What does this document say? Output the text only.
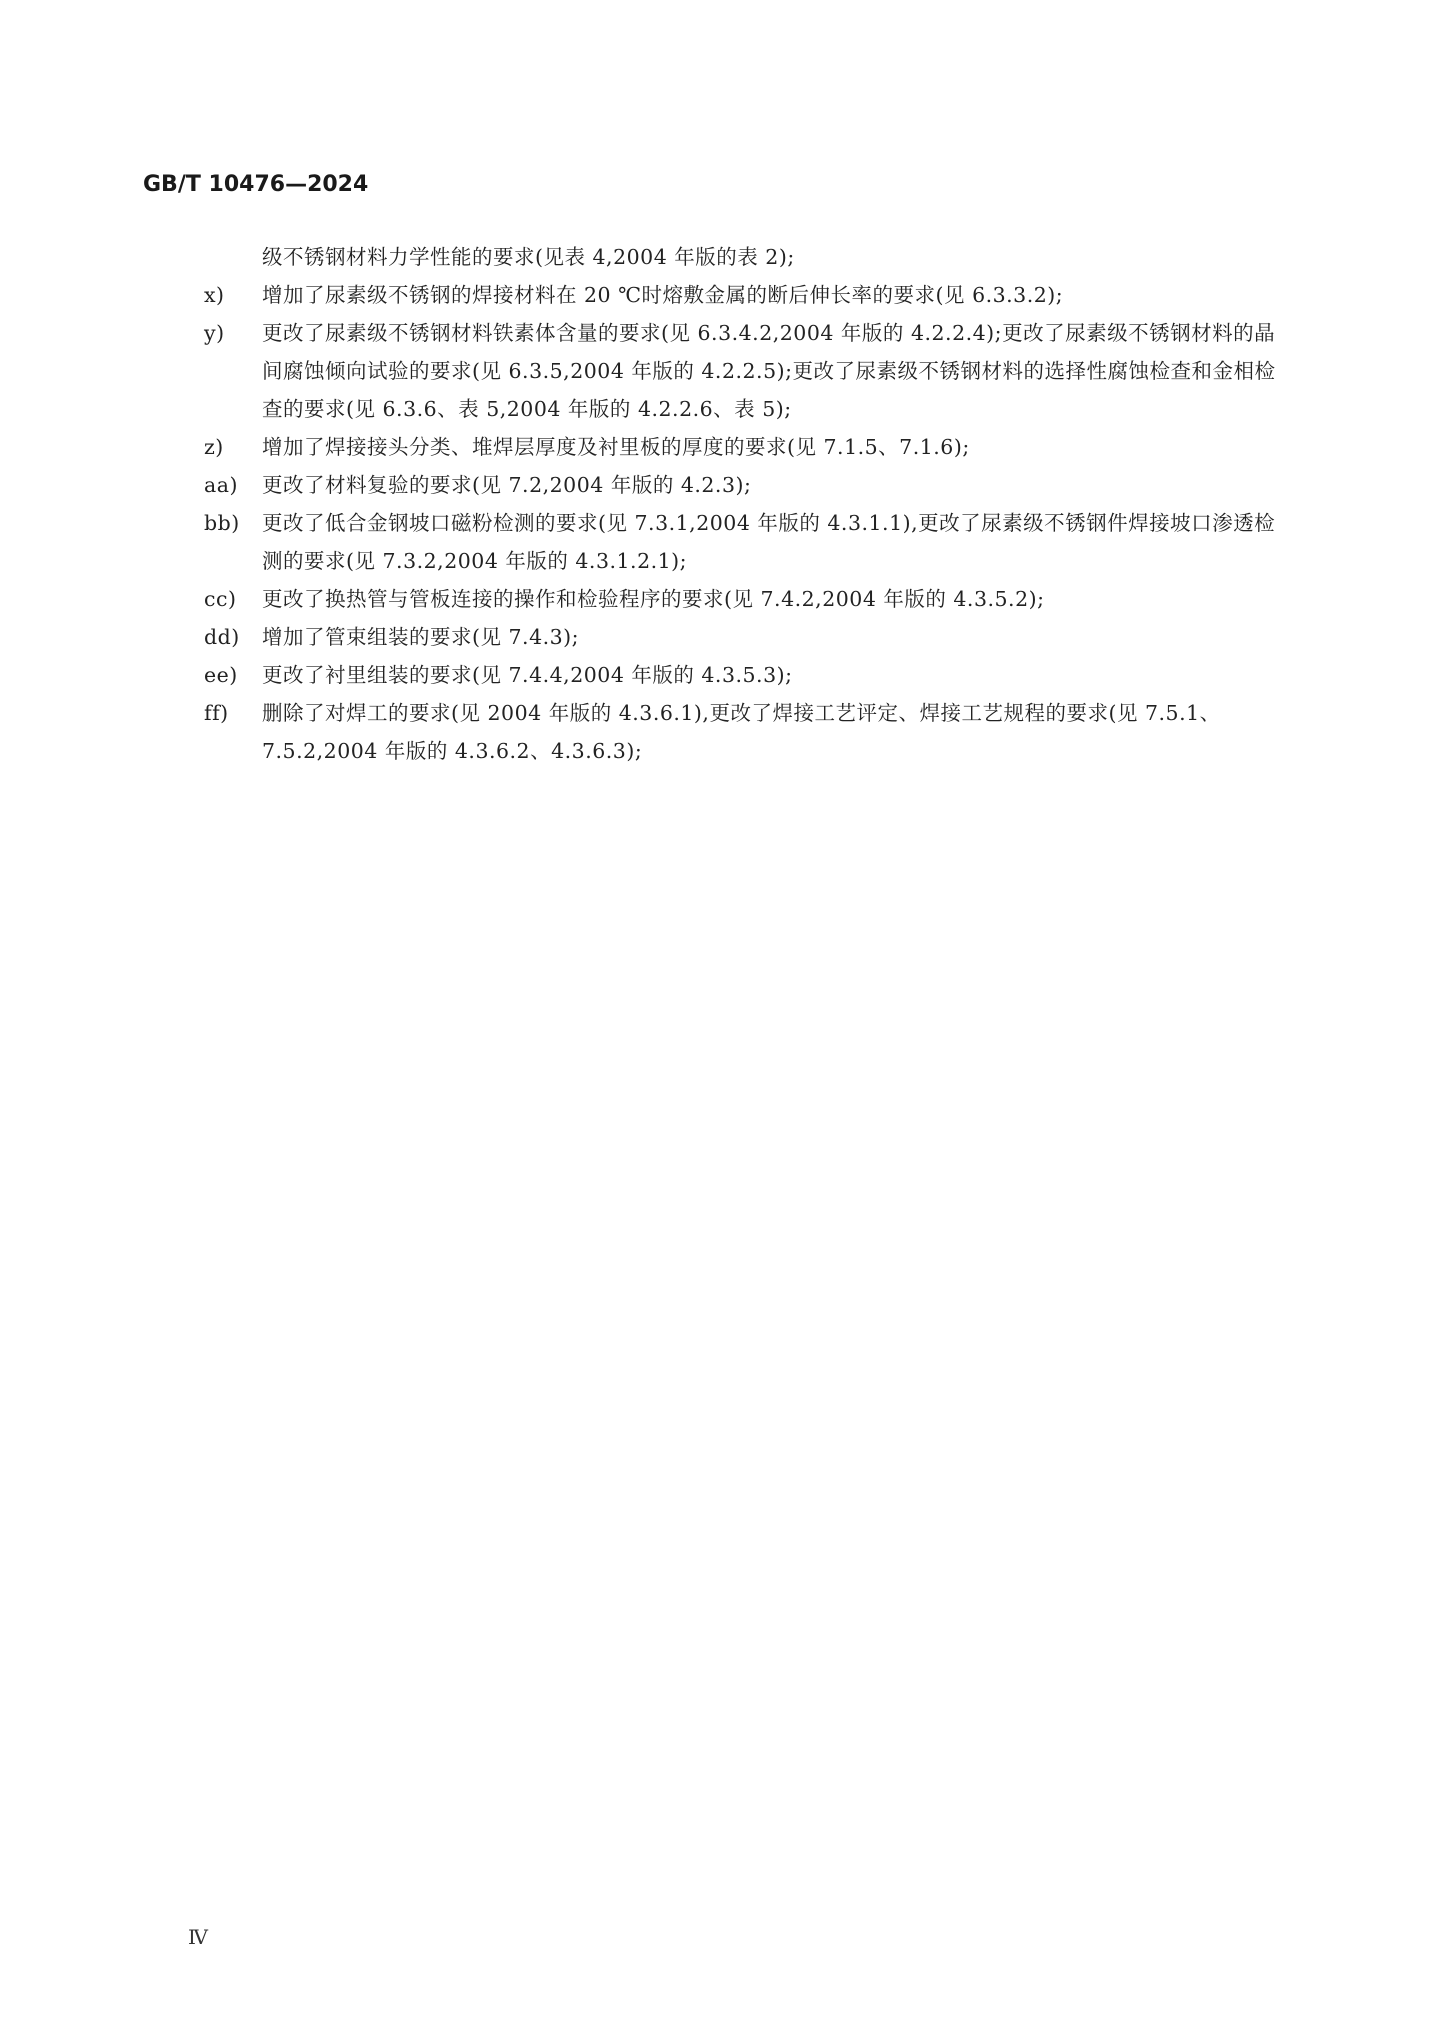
GB/T 10476—2024
级不锈钢材料力学性能的要求(见表 4,2004 年版的表 2);
x) 增加了尿素级不锈钢的焊接材料在 20 ℃时熔敷金属的断后伸长率的要求(见 6.3.3.2);
y) 更改了尿素级不锈钢材料铁素体含量的要求(见 6.3.4.2,2004 年版的 4.2.2.4);更改了尿素级不锈钢材料的晶间腐蚀倾向试验的要求(见 6.3.5,2004 年版的 4.2.2.5);更改了尿素级不锈钢材料的选择性腐蚀检查和金相检查的要求(见 6.3.6、表 5,2004 年版的 4.2.2.6、表 5);
z) 增加了焊接接头分类、堆焊层厚度及衬里板的厚度的要求(见 7.1.5、7.1.6);
aa) 更改了材料复验的要求(见 7.2,2004 年版的 4.2.3);
bb) 更改了低合金钢坡口磁粉检测的要求(见 7.3.1,2004 年版的 4.3.1.1),更改了尿素级不锈钢件焊接坡口渗透检测的要求(见 7.3.2,2004 年版的 4.3.1.2.1);
cc) 更改了换热管与管板连接的操作和检验程序的要求(见 7.4.2,2004 年版的 4.3.5.2);
dd) 增加了管束组装的要求(见 7.4.3);
ee) 更改了衬里组装的要求(见 7.4.4,2004 年版的 4.3.5.3);
ff) 删除了对焊工的要求(见 2004 年版的 4.3.6.1),更改了焊接工艺评定、焊接工艺规程的要求(见 7.5.1、7.5.2,2004 年版的 4.3.6.2、4.3.6.3);
Ⅳ
